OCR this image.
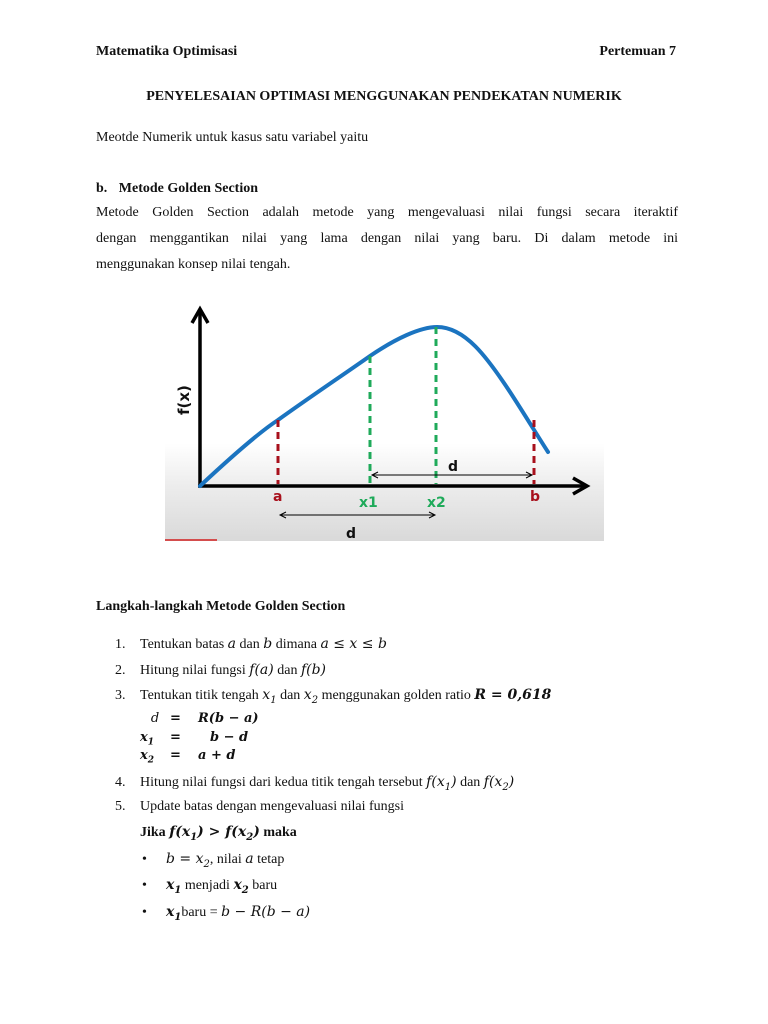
Matematika Optimisasi	Pertemuan 7
PENYELESAIAN OPTIMASI MENGGUNAKAN PENDEKATAN NUMERIK
Meotde Numerik untuk kasus satu variabel yaitu
b. Metode Golden Section
Metode Golden Section adalah metode yang mengevaluasi nilai fungsi secara iteraktif
dengan menggantikan nilai yang lama dengan nilai yang baru. Di dalam metode ini
menggunakan konsep nilai tengah.
d
d
a	x1	x2	b
f(x)
Langkah-langkah Metode Golden Section
1. Tentukan batas a dan b dimana a ≤ x ≤ b
2. Hitung nilai fungsi f(a) dan f(b)
3. Tentukan titik tengah $x_1$ dan $x_2$ menggunakan golden ratio R = 0,618
d = R(b − a)
$x_1 = b - d$
$x_2 = a + d$
4. Hitung nilai fungsi dari kedua titik tengah tersebut $f(x_1)$ dan $f(x_2)$
5. Update batas dengan mengevaluasi nilai fungsi
Jika $f(x_1) > f(x_2)$ maka
• $b = x_2$, nilai a tetap
• $x_1$ menjadi $x_2$ baru
• $x_1baru = b - R(b - a)$
